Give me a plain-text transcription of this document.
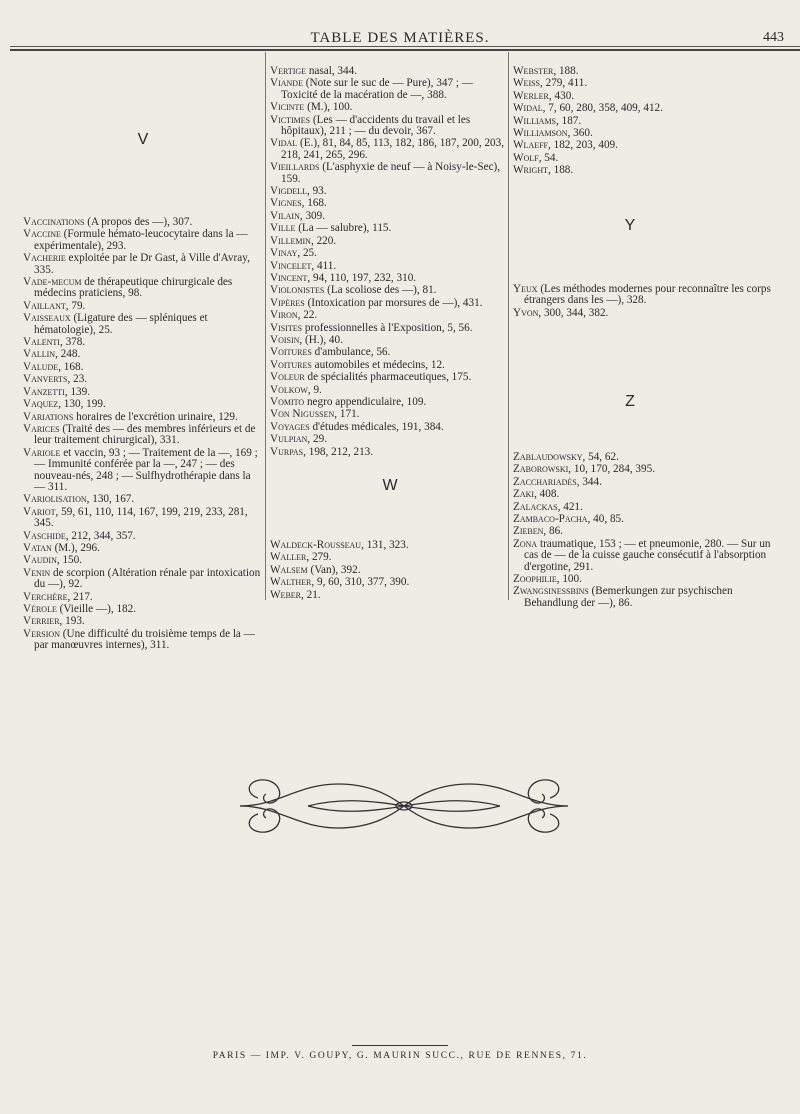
TABLE DES MATIÈRES.	443
V

Vaccinations (A propos des —), 307.

Vaccine (Formule hémato-leucocytaire dans la — expérimentale), 293.

Vacherie exploitée par le Dr Gast, à Ville d'Avray, 335.

Vade-mecum de thérapeutique chirurgicale des médecins praticiens, 98.

Vaillant, 79.

Vaisseaux (Ligature des — spléniques et hématologie), 25.

Valenti, 378.

Vallin, 248.

Valude, 168.

Vanverts, 23.

Vanzetti, 139.

Vaquez, 130, 199.

Variations horaires de l'excrétion urinaire, 129.

Varices (Traité des — des membres inférieurs et de leur traitement chirurgical), 331.

Variole et vaccin, 93 ; — Traitement de la —, 169 ; — Immunité conférée par la —, 247 ; — des nouveau-nés, 248 ; — Sulfhydrothérapie dans la — 311.

Variolisation, 130, 167.

Variot, 59, 61, 110, 114, 167, 199, 219, 233, 281, 345.

Vaschide, 212, 344, 357.

Vatan (M.), 296.

Vaudin, 150.

Venin de scorpion (Altération rénale par intoxication du —), 92.

Verchère, 217.

Vérole (Vieille —), 182.

Verrier, 193.

Version (Une difficulté du troisième temps de la — par manœuvres internes), 311.

Vertige nasal, 344.

Viande (Note sur le suc de — Pure), 347 ; — Toxicité de la macération de —, 388.

Vicinte (M.), 100.

Victimes (Les — d'accidents du travail et les hôpitaux), 211 ; — du devoir, 367.

Vidal (E.), 81, 84, 85, 113, 182, 186, 187, 200, 203, 218, 241, 265, 296.

Vieillards (L'asphyxie de neuf — à Noisy-le-Sec), 159.

Vigdell, 93.

Vignes, 168.

Vilain, 309.

Ville (La — salubre), 115.

Villemin, 220.

Vinay, 25.

Vincelet, 411.

Vincent, 94, 110, 197, 232, 310.

Violonistes (La scoliose des —), 81.

Vipères (Intoxication par morsures de —), 431.

Viron, 22.

Visites professionnelles à l'Exposition, 5, 56.

Voisin, (H.), 40.

Voitures d'ambulance, 56.

Voitures automobiles et médecins, 12.

Voleur de spécialités pharmaceutiques, 175.

Volkow, 9.

Vomito negro appendiculaire, 109.

Von Nigussen, 171.

Voyages d'études médicales, 191, 384.

Vulpian, 29.

Vurpas, 198, 212, 213.

W

Waldeck-Rousseau, 131, 323.

Waller, 279.

Walsem (Van), 392.

Walther, 9, 60, 310, 377, 390.

Weber, 21.

Webster, 188.

Weiss, 279, 411.

Werler, 430.

Widal, 7, 60, 280, 358, 409, 412.

Williams, 187.

Williamson, 360.

Wlaeff, 182, 203, 409.

Wolf, 54.

Wright, 188.

Y

Yeux (Les méthodes modernes pour reconnaître les corps étrangers dans les —), 328.

Yvon, 300, 344, 382.

Z

Zablaudowsky, 54, 62.

Zaborowski, 10, 170, 284, 395.

Zacchariadès, 344.

Zaki, 408.

Zalackas, 421.

Zambaco-Pacha, 40, 85.

Zieben, 86.

Zona traumatique, 153 ; — et pneumonie, 280. — Sur un cas de — de la cuisse gauche consécutif à l'absorption d'ergotine, 291.

Zoophilie, 100.

Zwangsinessbins (Bemerkungen zur psychischen Behandlung der —), 86.

PARIS — IMP. V. GOUPY, G. MAURIN SUCC., RUE DE RENNES, 71.
